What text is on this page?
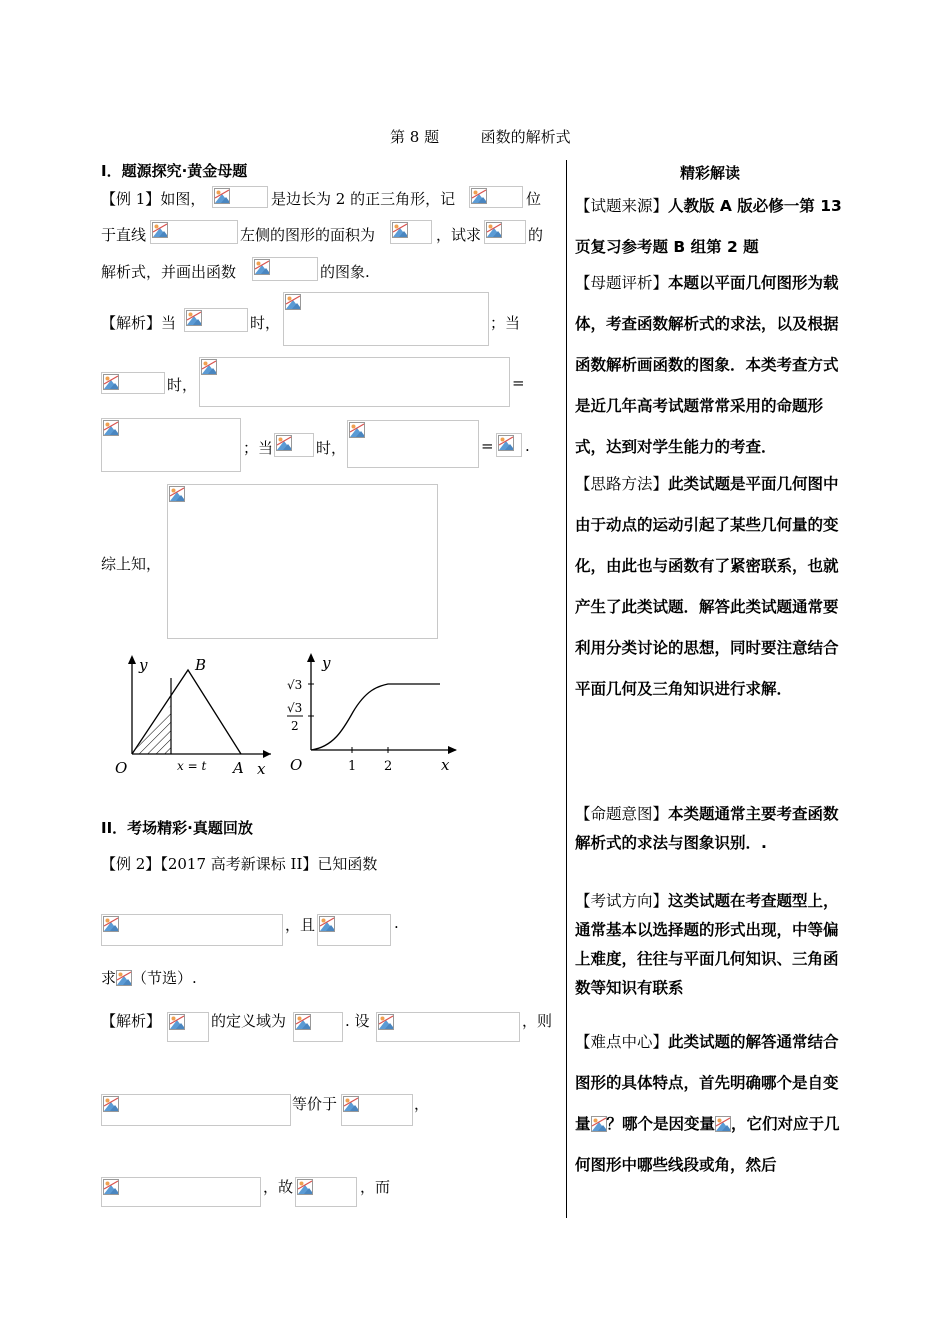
第 8 题	函数的解析式
I．题源探究·黄金母题
【例 1】如图，	是边长为 2 的正三角形，记	位
于直线	左侧的图形的面积为	，试求	的
解析式，并画出函数	的图象.
【解析】当	时，	；当
时，	=
；当	时，	= .
综上知，
y	B
O	x = t A x
y
√3
√3
2
O	1 2	x
II．考场精彩·真题回放
【例 2】【2017 高考新课标 II】已知函数
，且	.
求 （节选）.
【解析】	的定义域为	. 设	，则
等价于	，
，故	，而
精彩解读

【试题来源】人教版 A 版必修一第 13 页复习参考题 B 组第 2 题

【母题评析】本题以平面几何图形为载体，考查函数解析式的求法，以及根据函数解析画函数的图象．本类考查方式是近几年高考试题常常采用的命题形式，达到对学生能力的考查．

【思路方法】此类试题是平面几何图中由于动点的运动引起了某些几何量的变化，由此也与函数有了紧密联系，也就产生了此类试题．解答此类试题通常要利用分类讨论的思想，同时要注意结合平面几何及三角知识进行求解．

【命题意图】本类题通常主要考查函数解析式的求法与图象识别．.

【考试方向】这类试题在考查题型上，通常基本以选择题的形式出现，中等偏上难度，往往与平面几何知识、三角函数等知识有联系

【难点中心】此类试题的解答通常结合图形的具体特点，首先明确哪个是自变量 ？哪个是因变量 ，它们对应于几何图形中哪些线段或角，然后
